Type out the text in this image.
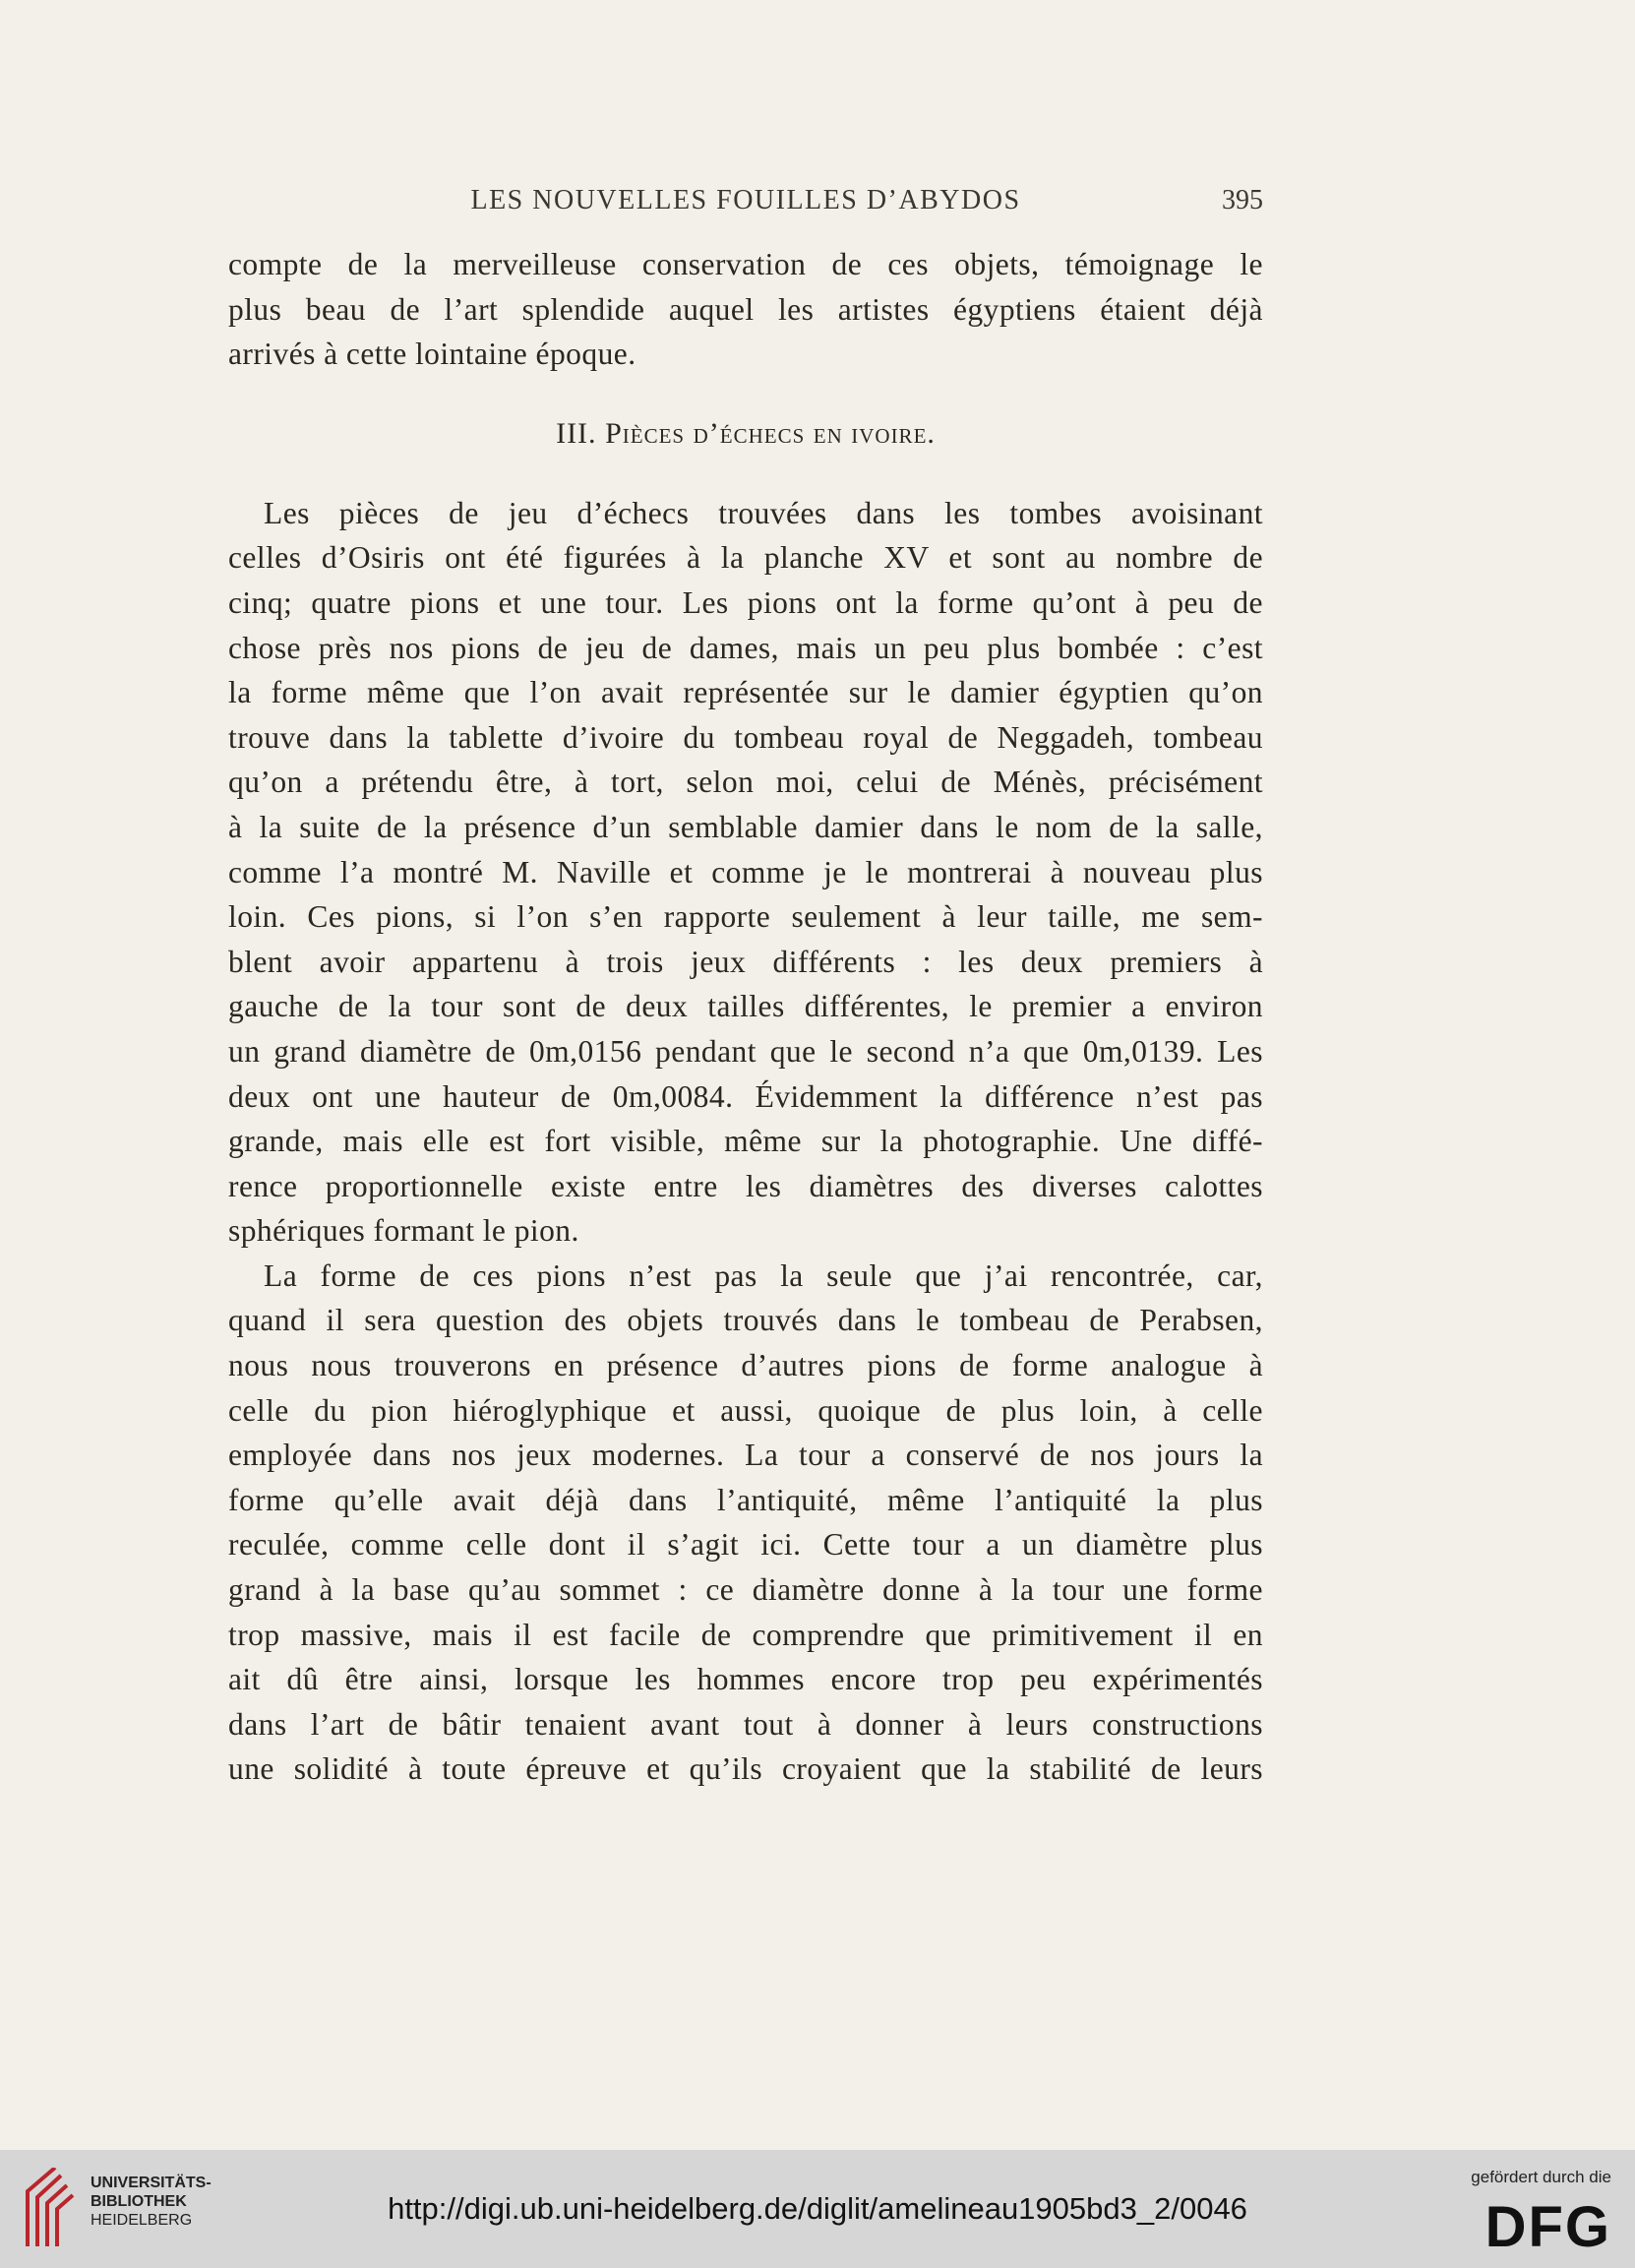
LES NOUVELLES FOUILLES D’ABYDOS	395
compte de la merveilleuse conservation de ces objets, témoignage le
plus beau de l’art splendide auquel les artistes égyptiens étaient déjà
arrivés à cette lointaine époque.
III. Pièces d’échecs en ivoire.
Les pièces de jeu d’échecs trouvées dans les tombes avoisinant
celles d’Osiris ont été figurées à la planche XV et sont au nombre de
cinq; quatre pions et une tour. Les pions ont la forme qu’ont à peu de
chose près nos pions de jeu de dames, mais un peu plus bombée : c’est
la forme même que l’on avait représentée sur le damier égyptien qu’on
trouve dans la tablette d’ivoire du tombeau royal de Neggadeh, tombeau
qu’on a prétendu être, à tort, selon moi, celui de Ménès, précisément
à la suite de la présence d’un semblable damier dans le nom de la salle,
comme l’a montré M. Naville et comme je le montrerai à nouveau plus
loin. Ces pions, si l’on s’en rapporte seulement à leur taille, me sem-
blent avoir appartenu à trois jeux différents : les deux premiers à
gauche de la tour sont de deux tailles différentes, le premier a environ
un grand diamètre de 0m,0156 pendant que le second n’a que 0m,0139. Les
deux ont une hauteur de 0m,0084. Évidemment la différence n’est pas
grande, mais elle est fort visible, même sur la photographie. Une diffé-
rence proportionnelle existe entre les diamètres des diverses calottes
sphériques formant le pion.
La forme de ces pions n’est pas la seule que j’ai rencontrée, car,
quand il sera question des objets trouvés dans le tombeau de Perabsen,
nous nous trouverons en présence d’autres pions de forme analogue à
celle du pion hiéroglyphique et aussi, quoique de plus loin, à celle
employée dans nos jeux modernes. La tour a conservé de nos jours la
forme qu’elle avait déjà dans l’antiquité, même l’antiquité la plus
reculée, comme celle dont il s’agit ici. Cette tour a un diamètre plus
grand à la base qu’au sommet : ce diamètre donne à la tour une forme
trop massive, mais il est facile de comprendre que primitivement il en
ait dû être ainsi, lorsque les hommes encore trop peu expérimentés
dans l’art de bâtir tenaient avant tout à donner à leurs constructions
une solidité à toute épreuve et qu’ils croyaient que la stabilité de leurs
UNIVERSITÄTS-
BIBLIOTHEK
HEIDELBERG	http://digi.ub.uni-heidelberg.de/diglit/amelineau1905bd3_2/0046
gefördert durch die
DFG
